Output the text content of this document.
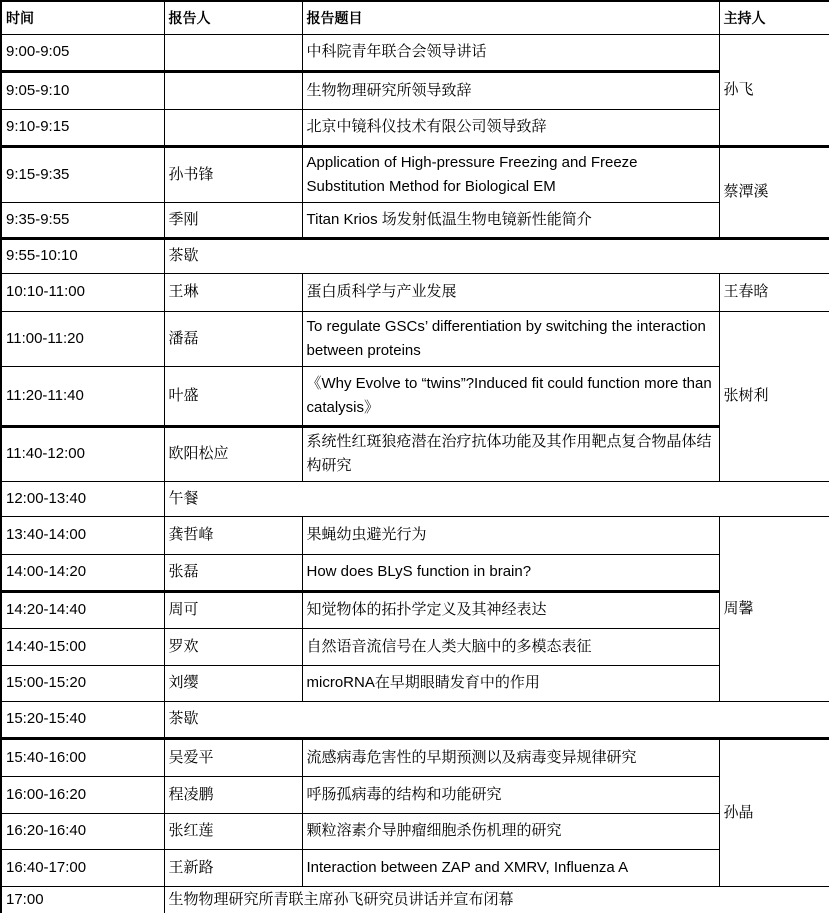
时间	报告人	报告题目	主持人
9:00-9:05		中科院青年联合会领导讲话	孙飞
9:05-9:10		生物物理研究所领导致辞	
9:10-9:15		北京中镜科仪技术有限公司领导致辞	
9:15-9:35	孙书锋	Application of High-pressure Freezing and Freeze Substitution Method for Biological EM	蔡潭溪
9:35-9:55	季刚	Titan Krios 场发射低温生物电镜新性能简介	
9:55-10:10	茶歇		
10:10-11:00	王琳	蛋白质科学与产业发展	王春晗
11:00-11:20	潘磊	To regulate GSCs’ differentiation by switching the interaction between proteins	张树利
11:20-11:40	叶盛	《Why Evolve to “twins”?Induced fit could function more than catalysis》	
11:40-12:00	欧阳松应	系统性红斑狼疮潜在治疗抗体功能及其作用靶点复合物晶体结构研究	
12:00-13:40	午餐		
13:40-14:00	龚哲峰	果蝇幼虫避光行为	周馨
14:00-14:20	张磊	How does BLyS function in brain?	
14:20-14:40	周可	知觉物体的拓扑学定义及其神经表达	
14:40-15:00	罗欢	自然语音流信号在人类大脑中的多模态表征	
15:00-15:20	刘缨	microRNA在早期眼睛发育中的作用	
15:20-15:40	茶歇		
15:40-16:00	吴爱平	流感病毒危害性的早期预测以及病毒变异规律研究	孙晶
16:00-16:20	程凌鹏	呼肠孤病毒的结构和功能研究	
16:20-16:40	张红莲	颗粒溶素介导肿瘤细胞杀伤机理的研究	
16:40-17:00	王新路	Interaction between ZAP and XMRV, Influenza A	
17:00	生物物理研究所青联主席孙飞研究员讲话并宣布闭幕		
